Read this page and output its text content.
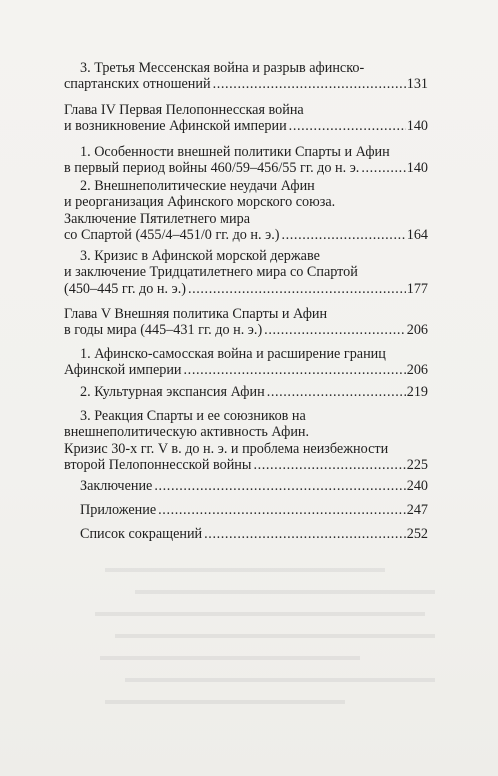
3. Третья Мессенская война и разрыв афинско-
спартанских отношений .....	131
Глава IV Первая Пелопоннесская война
и возникновение Афинской империи .....	140
1. Особенности внешней политики Спарты и Афин
в первый период войны 460/59–456/55 гг. до н. э. .....	140
2. Внешнеполитические неудачи Афин
и реорганизация Афинского морского союза.
Заключение Пятилетнего мира
со Спартой (455/4–451/0 гг. до н. э.) .....	164
3. Кризис в Афинской морской державе
и заключение Тридцатилетнего мира со Спартой
(450–445 гг. до н. э.) .....	177
Глава V Внешняя политика Спарты и Афин
в годы мира (445–431 гг. до н. э.) .....	206
1. Афинско-самосская война и расширение границ
Афинской империи .....	206
2. Культурная экспансия Афин .....	219
3. Реакция Спарты и ее союзников на
внешнеполитическую активность Афин.
Кризис 30-х гг. V в. до н. э. и проблема неизбежности
второй Пелопоннесской войны .....	225
Заключение .....	240
Приложение .....	247
Список сокращений .....	252
